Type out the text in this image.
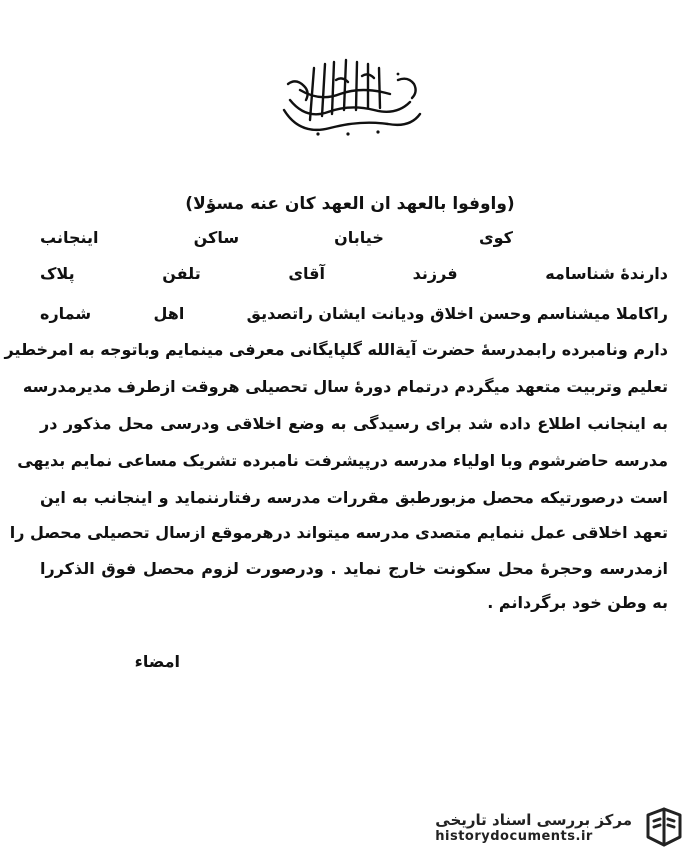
(واوفوا بالعهد ان العهد کان عنه مسؤلا)
کوی
خیابان
ساکن
اینجانب
دارندهٔ شناسامه
فرزند
آقای
تلفن
پلاک
راکاملا میشناسم وحسن اخلاق ودیانت ایشان راتصدیق
اهل
شماره
دارم ونامبرده رابمدرسهٔ حضرت آیةالله گلپایگانی معرفی مینمایم وباتوجه به امرخطیر
تعلیم وتربیت متعهد میگردم درتمام دورهٔ سال تحصیلی هروقت ازطرف مدیرمدرسه
به اینجانب اطلاع داده شد برای رسیدگی به وضع اخلاقی ودرسی محل مذکور در
مدرسه حاضرشوم وبا اولیاء مدرسه درپیشرفت نامبرده تشریک مساعی نمایم بدیهی
است درصورتیکه محصل مزبورطبق مقررات مدرسه رفتارننماید و اینجانب به این
تعهد اخلاقی عمل ننمایم متصدی مدرسه میتواند درهرموقع ازسال تحصیلی محصل را
ازمدرسه وحجرهٔ محل سکونت خارج نماید . ودرصورت لزوم محصل فوق الذکررا
به وطن خود برگردانم .
امضاء
مرکز بررسی اسناد تاریخی
historydocuments.ir
